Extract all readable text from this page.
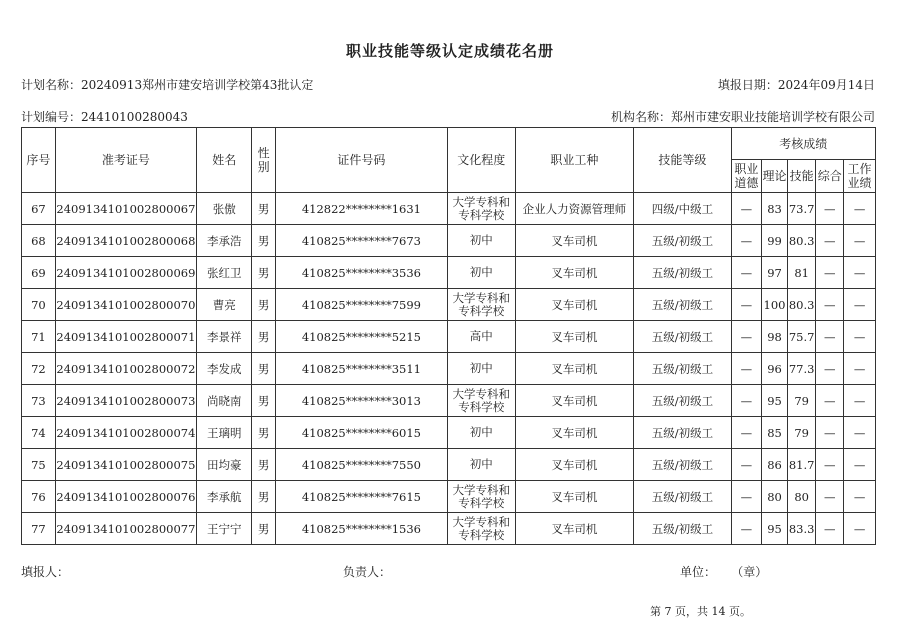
职业技能等级认定成绩花名册
计划名称：20240913郑州市建安培训学校第43批认定	填报日期：2024年09月14日
计划编号：24410100280043	机构名称：郑州市建安职业技能培训学校有限公司
序号	准考证号	姓名	性别	证件号码	文化程度	职业工种	技能等级	考核成绩				
								职业道德	理论	技能	综合	工作业绩
67	2409134101002800067	张傲	男	412822********1631	大学专科和专科学校	企业人力资源管理师	四级/中级工	—	83	73.7	—	—
68	2409134101002800068	李承浩	男	410825********7673	初中	叉车司机	五级/初级工	—	99	80.3	—	—
69	2409134101002800069	张红卫	男	410825********3536	初中	叉车司机	五级/初级工	—	97	81	—	—
70	2409134101002800070	曹亮	男	410825********7599	大学专科和专科学校	叉车司机	五级/初级工	—	100	80.3	—	—
71	2409134101002800071	李景祥	男	410825********5215	高中	叉车司机	五级/初级工	—	98	75.7	—	—
72	2409134101002800072	李发成	男	410825********3511	初中	叉车司机	五级/初级工	—	96	77.3	—	—
73	2409134101002800073	尚晓南	男	410825********3013	大学专科和专科学校	叉车司机	五级/初级工	—	95	79	—	—
74	2409134101002800074	王璃明	男	410825********6015	初中	叉车司机	五级/初级工	—	85	79	—	—
75	2409134101002800075	田均豪	男	410825********7550	初中	叉车司机	五级/初级工	—	86	81.7	—	—
76	2409134101002800076	李承航	男	410825********7615	大学专科和专科学校	叉车司机	五级/初级工	—	80	80	—	—
77	2409134101002800077	王宁宁	男	410825********1536	大学专科和专科学校	叉车司机	五级/初级工	—	95	83.3	—	—
填报人：	负责人：	单位：    （章）
第 7 页，共 14 页。
